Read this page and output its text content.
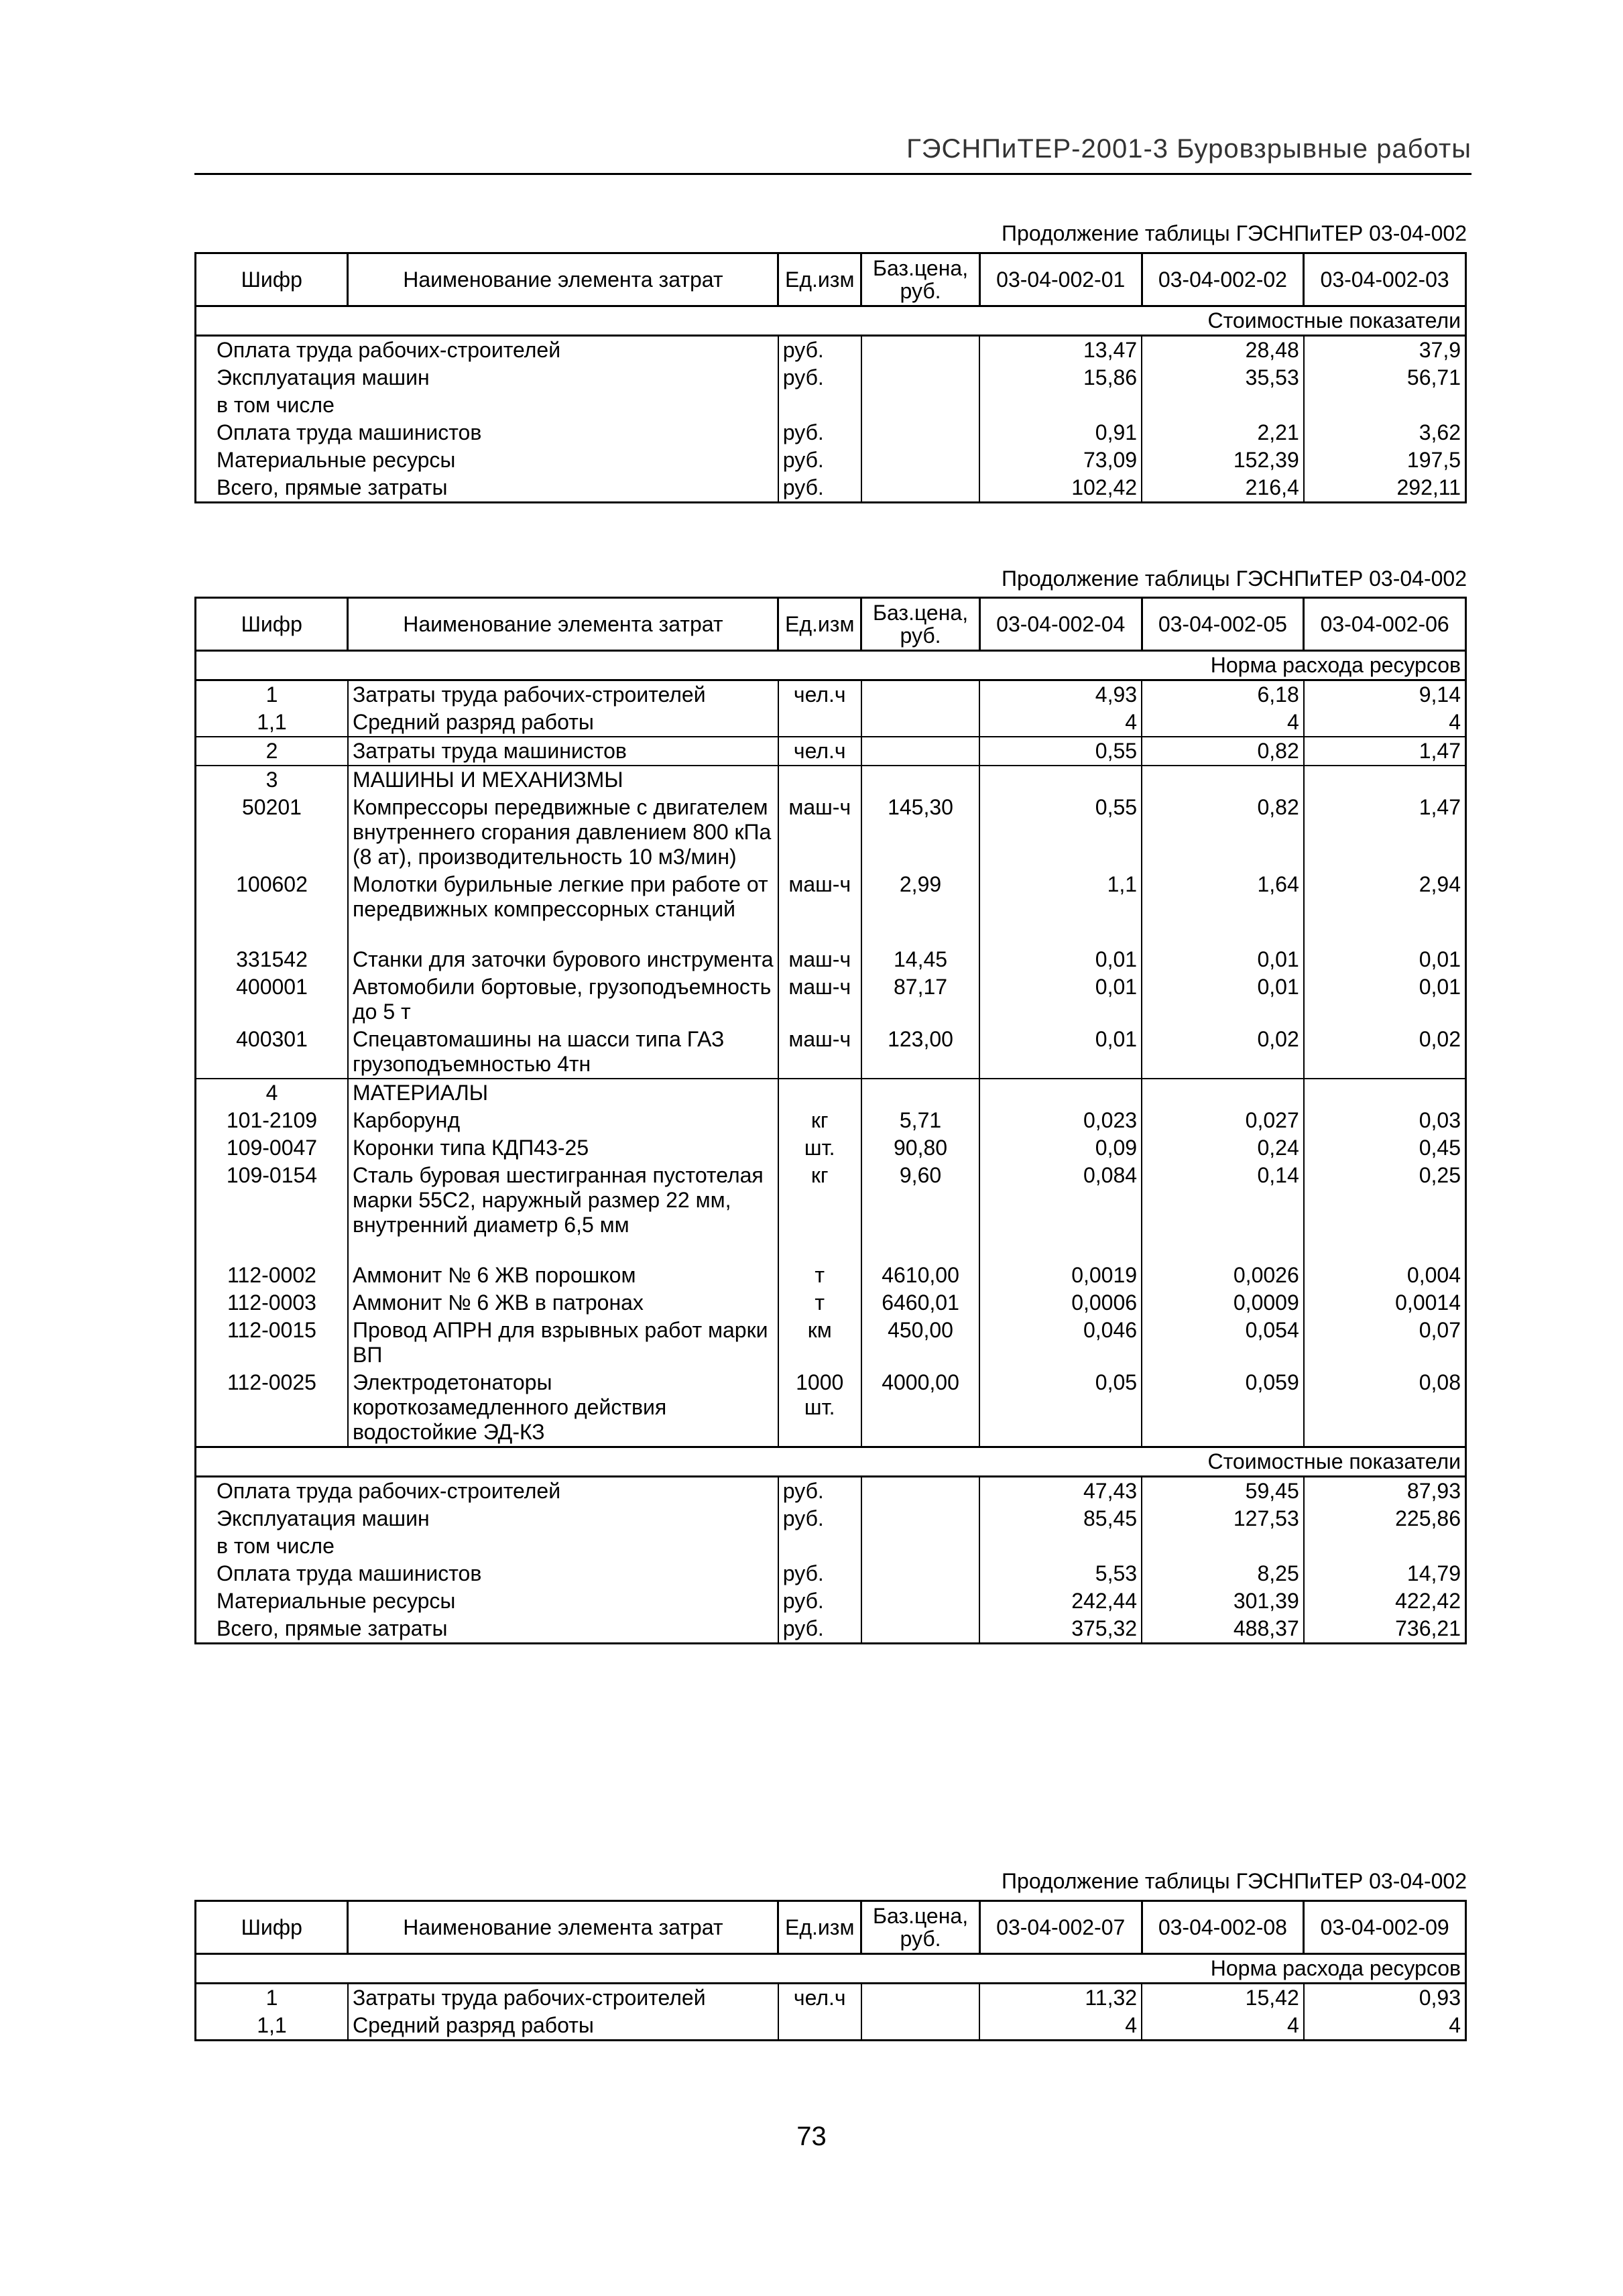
ГЭСНПиТЕР-2001-3 Буровзрывные работы
Продолжение таблицы ГЭСНПиТЕР 03-04-002
Шифр	Наименование элемента затрат	Ед.изм	Баз.цена, руб.	03-04-002-01	03-04-002-02	03-04-002-03
Стоимостные показатели						
Оплата труда рабочих-строителей		руб.		13,47	28,48	37,9
Эксплуатация машин		руб.		15,86	35,53	56,71
в том числе						
Оплата труда машинистов		руб.		0,91	2,21	3,62
Материальные ресурсы		руб.		73,09	152,39	197,5
Всего, прямые затраты		руб.		102,42	216,4	292,11
Продолжение таблицы ГЭСНПиТЕР 03-04-002
Шифр	Наименование элемента затрат	Ед.изм	Баз.цена, руб.	03-04-002-04	03-04-002-05	03-04-002-06
Норма расхода ресурсов						
1	Затраты труда рабочих-строителей	чел.ч		4,93	6,18	9,14
1,1	Средний разряд работы			4	4	4
2	Затраты труда машинистов	чел.ч		0,55	0,82	1,47
3	МАШИНЫ И МЕХАНИЗМЫ					
50201	Компрессоры передвижные с двигателем внутреннего сгорания давлением 800 кПа (8 ат), производительность 10 м3/мин)	маш-ч	145,30	0,55	0,82	1,47
100602	Молотки бурильные легкие при работе от передвижных компрессорных станций	маш-ч	2,99	1,1	1,64	2,94
331542	Станки для заточки бурового инструмента	маш-ч	14,45	0,01	0,01	0,01
400001	Автомобили бортовые, грузоподъемность до 5 т	маш-ч	87,17	0,01	0,01	0,01
400301	Спецавтомашины на шасси типа ГАЗ грузоподъемностью 4тн	маш-ч	123,00	0,01	0,02	0,02
4	МАТЕРИАЛЫ					
101-2109	Карборунд	кг	5,71	0,023	0,027	0,03
109-0047	Коронки типа КДП43-25	шт.	90,80	0,09	0,24	0,45
109-0154	Сталь буровая шестигранная пустотелая марки 55С2, наружный размер 22 мм, внутренний диаметр 6,5 мм	кг	9,60	0,084	0,14	0,25
112-0002	Аммонит № 6 ЖВ порошком	т	4610,00	0,0019	0,0026	0,004
112-0003	Аммонит № 6 ЖВ в патронах	т	6460,01	0,0006	0,0009	0,0014
112-0015	Провод АПРН для взрывных работ марки ВП	км	450,00	0,046	0,054	0,07
112-0025	Электродетонаторы короткозамедленного действия водостойкие ЭД-КЗ	1000 шт.	4000,00	0,05	0,059	0,08
Стоимостные показатели						
Оплата труда рабочих-строителей		руб.		47,43	59,45	87,93
Эксплуатация машин		руб.		85,45	127,53	225,86
в том числе						
Оплата труда машинистов		руб.		5,53	8,25	14,79
Материальные ресурсы		руб.		242,44	301,39	422,42
Всего, прямые затраты		руб.		375,32	488,37	736,21
Продолжение таблицы ГЭСНПиТЕР 03-04-002
Шифр	Наименование элемента затрат	Ед.изм	Баз.цена, руб.	03-04-002-07	03-04-002-08	03-04-002-09
Норма расхода ресурсов						
1	Затраты труда рабочих-строителей	чел.ч		11,32	15,42	0,93
1,1	Средний разряд работы			4	4	4
73
